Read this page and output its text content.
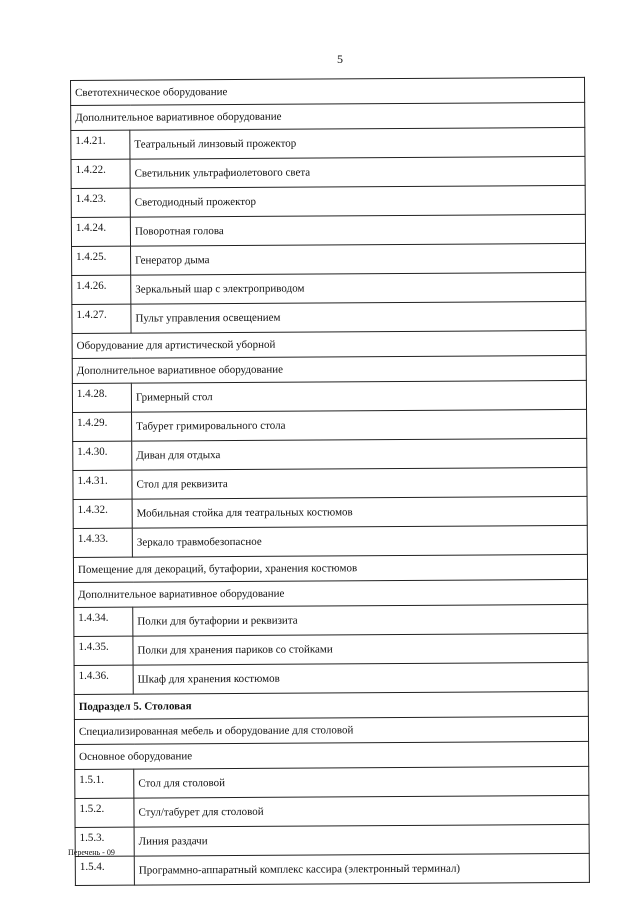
5
Светотехническое оборудование	
Дополнительное вариативное оборудование	
1.4.21.	Театральный линзовый прожектор
1.4.22.	Светильник ультрафиолетового света
1.4.23.	Светодиодный прожектор
1.4.24.	Поворотная голова
1.4.25.	Генератор дыма
1.4.26.	Зеркальный шар с электроприводом
1.4.27.	Пульт управления освещением
Оборудование для артистической уборной	
Дополнительное вариативное оборудование	
1.4.28.	Гримерный стол
1.4.29.	Табурет гримировального стола
1.4.30.	Диван для отдыха
1.4.31.	Стол для реквизита
1.4.32.	Мобильная стойка для театральных костюмов
1.4.33.	Зеркало травмобезопасное
Помещение для декораций, бутафории, хранения костюмов	
Дополнительное вариативное оборудование	
1.4.34.	Полки для бутафории и реквизита
1.4.35.	Полки для хранения париков со стойками
1.4.36.	Шкаф для хранения костюмов
Подраздел 5. Столовая	
Специализированная мебель и оборудование для столовой	
Основное оборудование	
1.5.1.	Стол для столовой
1.5.2.	Стул/табурет для столовой
1.5.3.	Линия раздачи
1.5.4.	Программно-аппаратный комплекс кассира (электронный терминал)
Перечень - 09
